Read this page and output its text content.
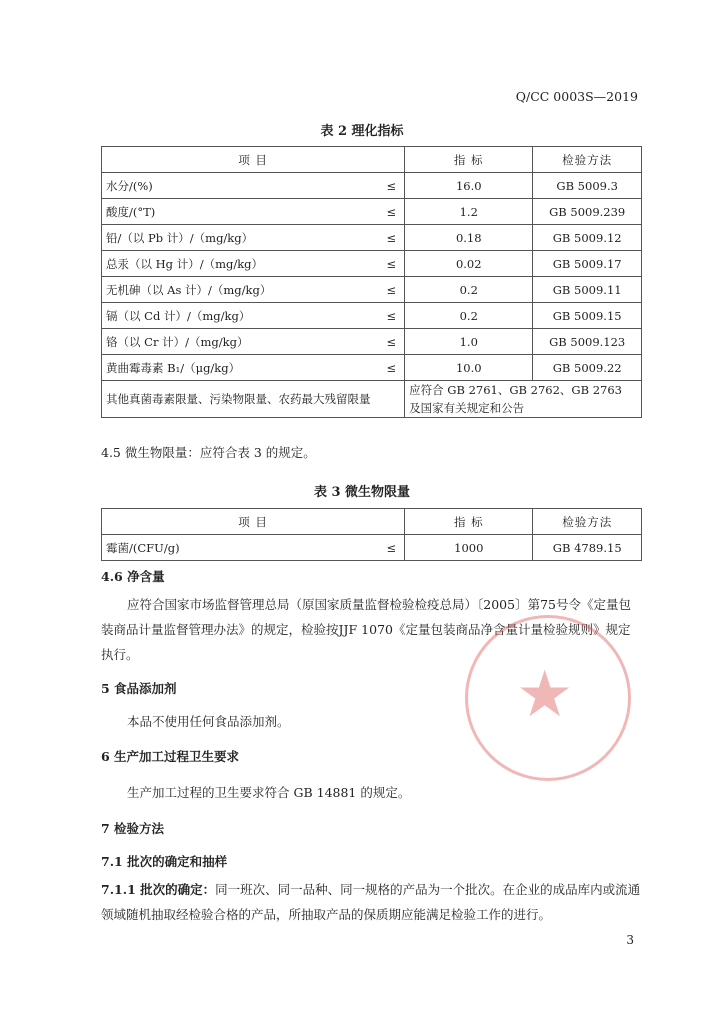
Q/CC 0003S—2019
表 2 理化指标
项 目	指 标	检验方法

水分/(%) ≤	16.0	GB 5009.3

酸度/(°T) ≤	1.2	GB 5009.239

铅/（以 Pb 计）/（mg/kg） ≤	0.18	GB 5009.12

总汞（以 Hg 计）/（mg/kg） ≤	0.02	GB 5009.17

无机砷（以 As 计）/（mg/kg） ≤	0.2	GB 5009.11

镉（以 Cd 计）/（mg/kg） ≤	0.2	GB 5009.15

铬（以 Cr 计）/（mg/kg） ≤	1.0	GB 5009.123

黄曲霉毒素 B₁/（μg/kg） ≤	10.0	GB 5009.22
其他真菌毒素限量、污染物限量、农药最大残留限量	应符合 GB 2761、GB 2762、GB 2763 及国家有关规定和公告	
4.5 微生物限量：应符合表 3 的规定。
表 3 微生物限量
项 目	指 标	检验方法

霉菌/(CFU/g) ≤	1000	GB 4789.15
4.6 净含量
应符合国家市场监督管理总局（原国家质量监督检验检疫总局）〔2005〕第75号令《定量包装商品计量监督管理办法》的规定，检验按JJF 1070《定量包装商品净含量计量检验规则》规定执行。
5 食品添加剂
本品不使用任何食品添加剂。
6 生产加工过程卫生要求
生产加工过程的卫生要求符合 GB 14881 的规定。
7 检验方法
7.1 批次的确定和抽样
7.1.1 批次的确定：同一班次、同一品种、同一规格的产品为一个批次。在企业的成品库内或流通领域随机抽取经检验合格的产品，所抽取产品的保质期应能满足检验工作的进行。
3
★
